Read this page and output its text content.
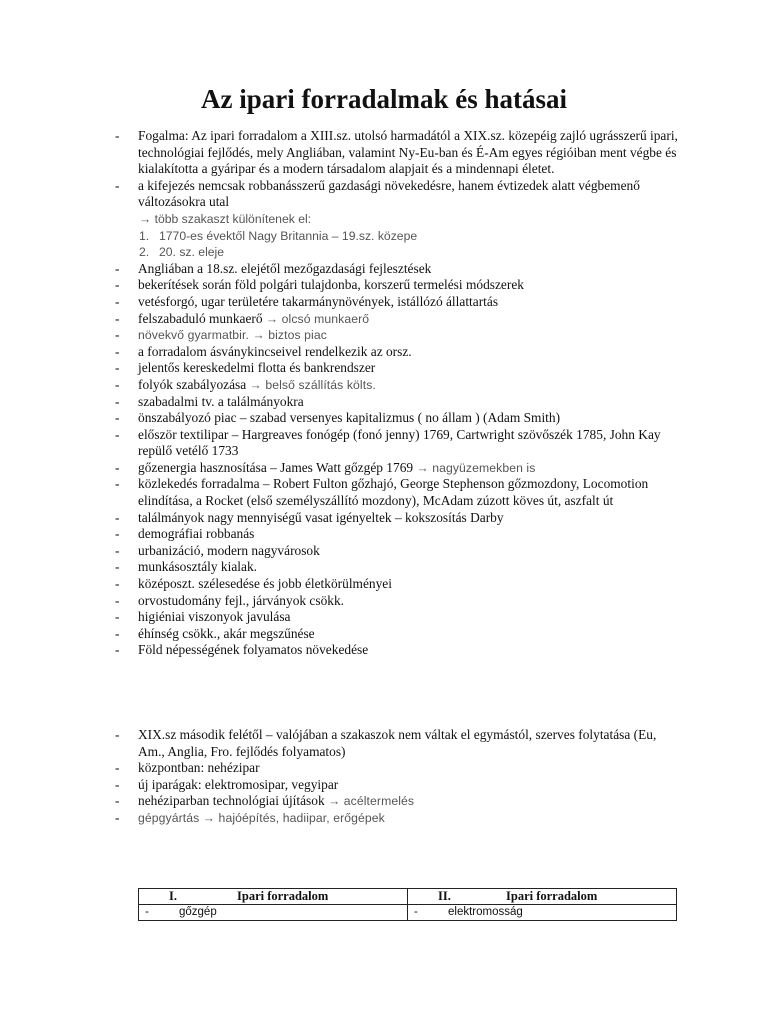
Az ipari forradalmak és hatásai
- Fogalma: Az ipari forradalom a XIII.sz. utolsó harmadától a XIX.sz. közepéig zajló ugrásszerű ipari, technológiai fejlődés, mely Angliában, valamint Ny-Eu-ban és É-Am egyes régióiban ment végbe és kialakította a gyáripar és a modern társadalom alapjait és a mindennapi életet.
- a kifejezés nemcsak robbanásszerű gazdasági növekedésre, hanem évtizedek alatt végbemenő változásokra utal
→ több szakaszt különítenek el:
1. 1770-es évektől Nagy Britannia – 19.sz. közepe
2. 20. sz. eleje
- Angliában a 18.sz. elejétől mezőgazdasági fejlesztések
- bekerítések során föld polgári tulajdonba, korszerű termelési módszerek
- vetésforgó, ugar területére takarmánynövények, istállózó állattartás
- felszabaduló munkaerő → olcsó munkaerő
- növekvő gyarmatbir. → biztos piac
- a forradalom ásványkincseivel rendelkezik az orsz.
- jelentős kereskedelmi flotta és bankrendszer
- folyók szabályozása → belső szállítás költs.
- szabadalmi tv. a találmányokra
- önszabályozó piac – szabad versenyes kapitalizmus ( no állam ) (Adam Smith)
- először textilipar – Hargreaves fonógép (fonó jenny) 1769, Cartwright szövőszék 1785, John Kay repülő vetélő 1733
- gőzenergia hasznosítása – James Watt gőzgép 1769 → nagyüzemekben is
- közlekedés forradalma – Robert Fulton gőzhajó, George Stephenson gőzmozdony, Locomotion elindítása, a Rocket (első személyszállító mozdony), McAdam zúzott köves út, aszfalt út
- találmányok nagy mennyiségű vasat igényeltek – kokszosítás Darby
- demográfiai robbanás
- urbanizáció, modern nagyvárosok
- munkásosztály kialak.
- középoszt. szélesedése és jobb életkörülményei
- orvostudomány fejl., járványok csökk.
- higiéniai viszonyok javulása
- éhínség csökk., akár megszűnése
- Föld népességének folyamatos növekedése
- XIX.sz második felétől – valójában a szakaszok nem váltak el egymástól, szerves folytatása (Eu, Am., Anglia, Fro. fejlődés folyamatos)
- központban: nehézipar
- új iparágak: elektromosipar, vegyipar
- nehéziparban technológiai újítások → acéltermelés
- gépgyártás → hajóépítés, hadiipar, erőgépek
I. Ipari forradalom	II. Ipari forradalom
- gőzgép	- elektromosság
